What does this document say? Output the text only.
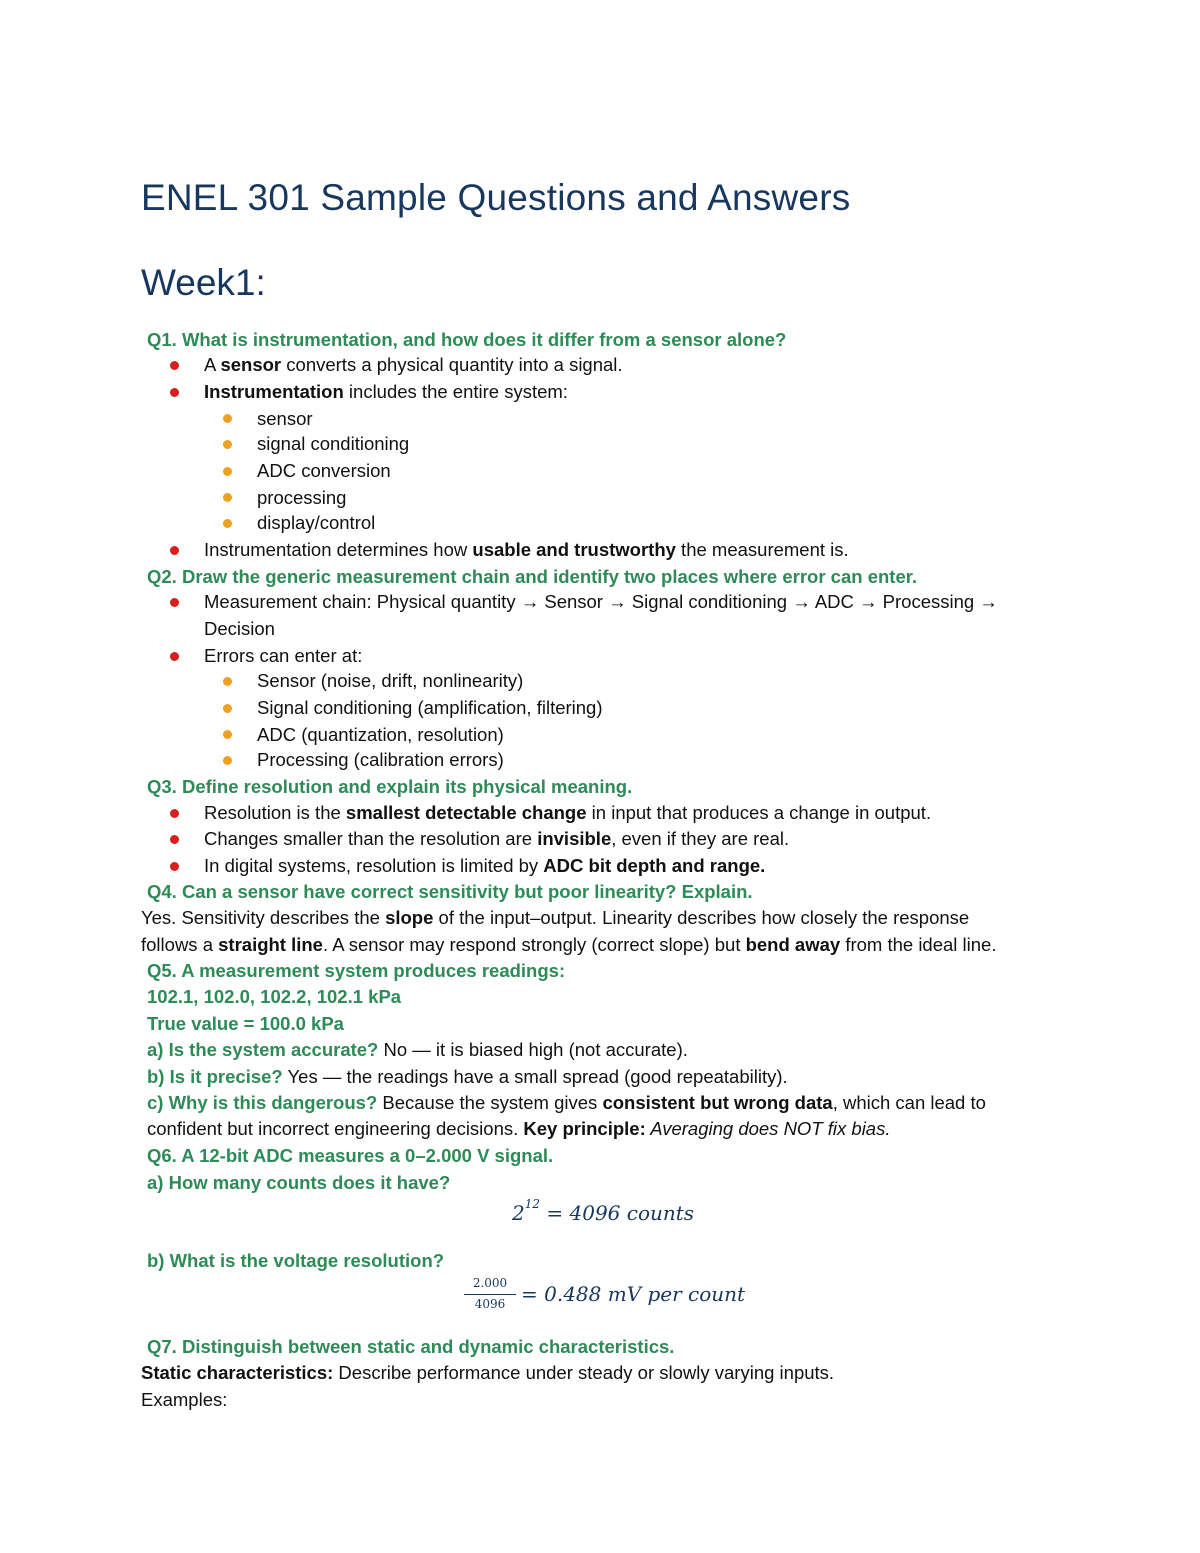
ENEL 301 Sample Questions and Answers
Week1:
Q1. What is instrumentation, and how does it differ from a sensor alone?
A sensor converts a physical quantity into a signal.
Instrumentation includes the entire system:
sensor
signal conditioning
ADC conversion
processing
display/control
Instrumentation determines how usable and trustworthy the measurement is.
Q2. Draw the generic measurement chain and identify two places where error can enter.
Measurement chain: Physical quantity → Sensor → Signal conditioning → ADC → Processing →
Decision
Errors can enter at:
Sensor (noise, drift, nonlinearity)
Signal conditioning (amplification, filtering)
ADC (quantization, resolution)
Processing (calibration errors)
Q3. Define resolution and explain its physical meaning.
Resolution is the smallest detectable change in input that produces a change in output.
Changes smaller than the resolution are invisible, even if they are real.
In digital systems, resolution is limited by ADC bit depth and range.
Q4. Can a sensor have correct sensitivity but poor linearity? Explain.
Yes. Sensitivity describes the slope of the input–output. Linearity describes how closely the response
follows a straight line. A sensor may respond strongly (correct slope) but bend away from the ideal line.
Q5. A measurement system produces readings:
102.1, 102.0, 102.2, 102.1 kPa
True value = 100.0 kPa
a) Is the system accurate? No — it is biased high (not accurate).
b) Is it precise? Yes — the readings have a small spread (good repeatability).
c) Why is this dangerous? Because the system gives consistent but wrong data, which can lead to
confident but incorrect engineering decisions. Key principle: Averaging does NOT fix bias.
Q6. A 12-bit ADC measures a 0–2.000 V signal.
a) How many counts does it have?
$2^{12} = 4096$ counts
b) What is the voltage resolution?
2.000
4096 = 0.488 mV per count
Q7. Distinguish between static and dynamic characteristics.
Static characteristics: Describe performance under steady or slowly varying inputs.
Examples:
